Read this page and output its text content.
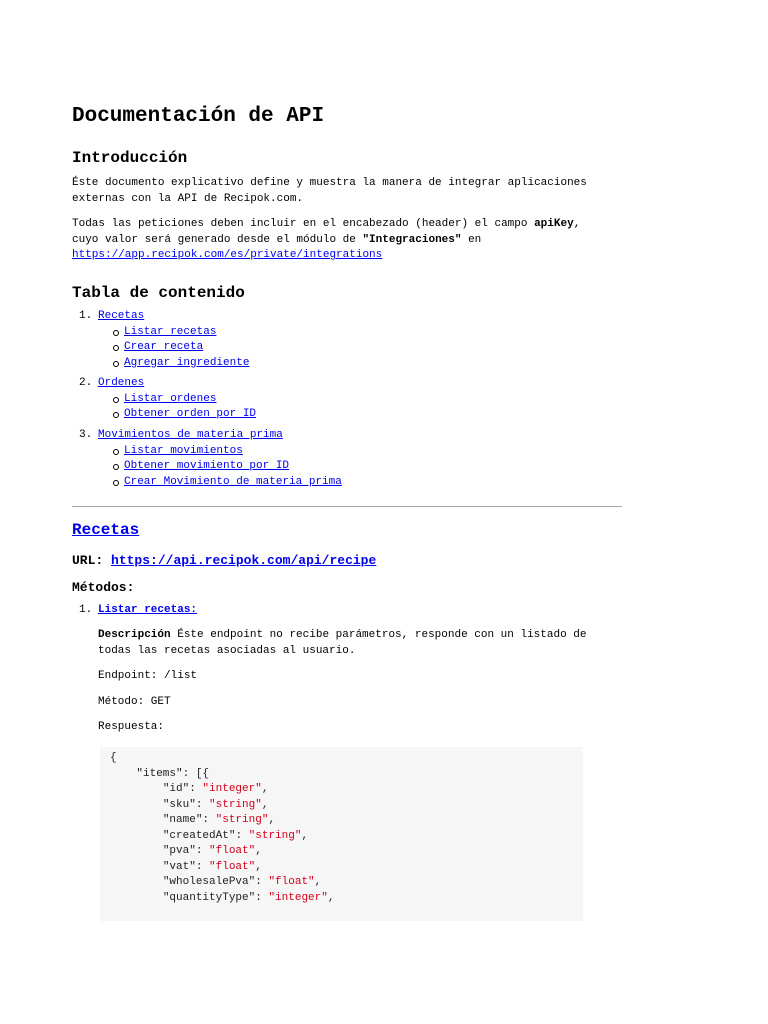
Documentación de API
Introducción

Éste documento explicativo define y muestra la manera de integrar aplicaciones externas con la API de Recipok.com.

Todas las peticiones deben incluir en el encabezado (header) el campo apiKey, cuyo valor será generado desde el módulo de "Integraciones" en
https://app.recipok.com/es/private/integrations

Tabla de contenido
1. Recetas
Listar recetas
Crear receta
Agregar ingrediente
2. Ordenes
Listar ordenes
Obtener orden por ID
3. Movimientos de materia prima
Listar movimientos
Obtener movimiento por ID
Crear Movimiento de materia prima
Recetas
URL: https://api.recipok.com/api/recipe
Métodos:
1. Listar recetas:

Descripción Éste endpoint no recibe parámetros, responde con un listado de todas las recetas asociadas al usuario.

Endpoint: /list

Método: GET

Respuesta:

{
"items": [{
"id": "integer",
"sku": "string",
"name": "string",
"createdAt": "string",
"pva": "float",
"vat": "float",
"wholesalePva": "float",
"quantityType": "integer",
